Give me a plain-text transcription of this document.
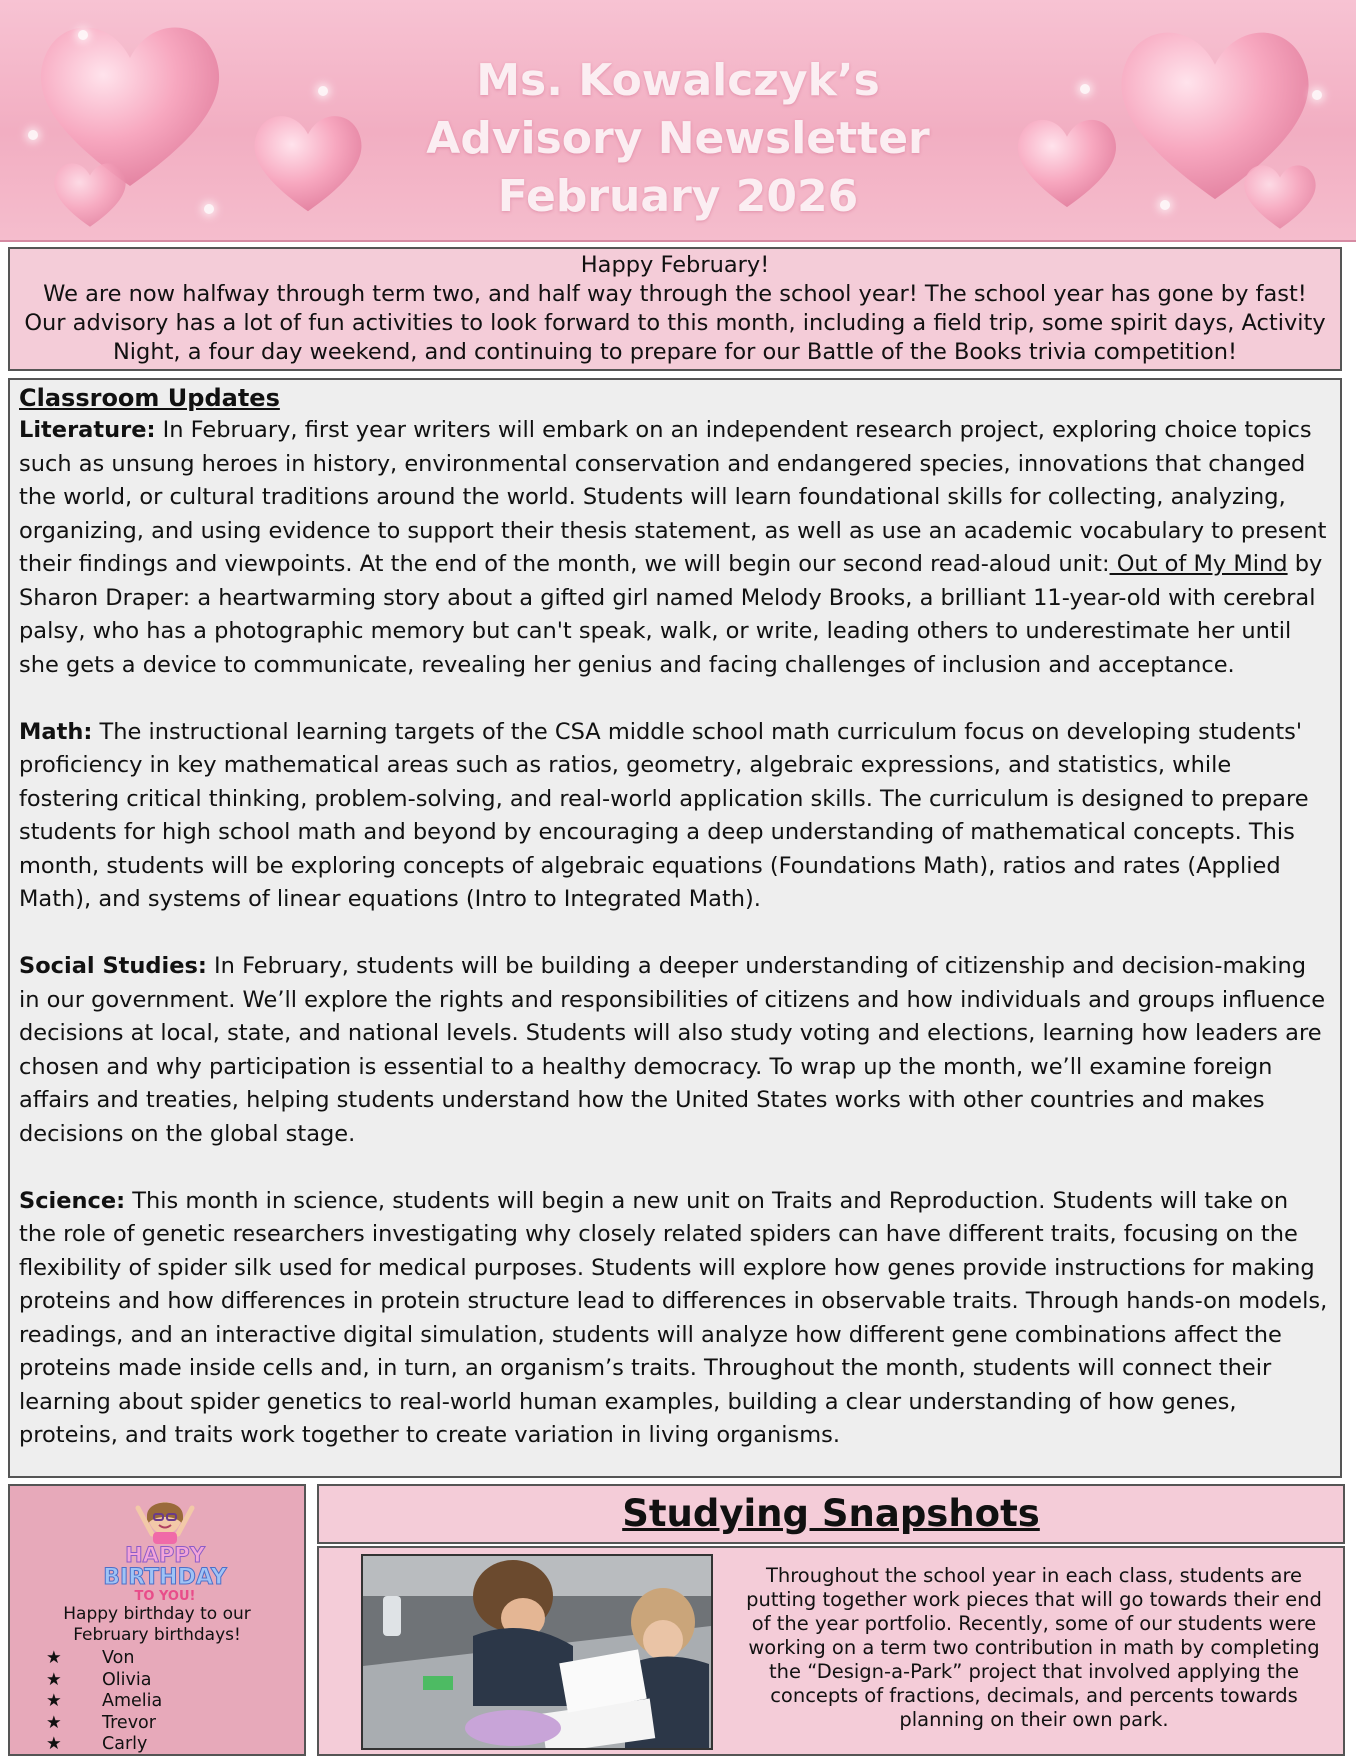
Ms. Kowalczyk’s
Advisory Newsletter
February 2026
Happy February!
We are now halfway through term two, and half way through the school year! The school year has gone by fast!
Our advisory has a lot of fun activities to look forward to this month, including a field trip, some spirit days, Activity
Night, a four day weekend, and continuing to prepare for our Battle of the Books trivia competition!
Classroom Updates

Literature: In February, first year writers will embark on an independent research project, exploring choice topics such as unsung heroes in history, environmental conservation and endangered species, innovations that changed the world, or cultural traditions around the world. Students will learn foundational skills for collecting, analyzing, organizing, and using evidence to support their thesis statement, as well as use an academic vocabulary to present their findings and viewpoints. At the end of the month, we will begin our second read-aloud unit: Out of My Mind by Sharon Draper: a heartwarming story about a gifted girl named Melody Brooks, a brilliant 11-year-old with cerebral palsy, who has a photographic memory but can't speak, walk, or write, leading others to underestimate her until she gets a device to communicate, revealing her genius and facing challenges of inclusion and acceptance.

Math: The instructional learning targets of the CSA middle school math curriculum focus on developing students' proficiency in key mathematical areas such as ratios, geometry, algebraic expressions, and statistics, while fostering critical thinking, problem-solving, and real-world application skills. The curriculum is designed to prepare students for high school math and beyond by encouraging a deep understanding of mathematical concepts. This month, students will be exploring concepts of algebraic equations (Foundations Math), ratios and rates (Applied Math), and systems of linear equations (Intro to Integrated Math).

Social Studies: In February, students will be building a deeper understanding of citizenship and decision-making in our government. We’ll explore the rights and responsibilities of citizens and how individuals and groups influence decisions at local, state, and national levels. Students will also study voting and elections, learning how leaders are chosen and why participation is essential to a healthy democracy. To wrap up the month, we’ll examine foreign affairs and treaties, helping students understand how the United States works with other countries and makes decisions on the global stage.

Science: This month in science, students will begin a new unit on Traits and Reproduction. Students will take on the role of genetic researchers investigating why closely related spiders can have different traits, focusing on the flexibility of spider silk used for medical purposes. Students will explore how genes provide instructions for making proteins and how differences in protein structure lead to differences in observable traits. Through hands-on models, readings, and an interactive digital simulation, students will analyze how different gene combinations affect the proteins made inside cells and, in turn, an organism’s traits. Throughout the month, students will connect their learning about spider genetics to real-world human examples, building a clear understanding of how genes, proteins, and traits work together to create variation in living organisms.

HAPPY
BIRTHDAY
TO YOU!
Happy birthday to our February birthdays!
★	Von
★	Olivia
★	Amelia
★	Trevor
★	Carly
Studying Snapshots
Throughout the school year in each class, students are putting together work pieces that will go towards their end of the year portfolio. Recently, some of our students were working on a term two contribution in math by completing the “Design-a-Park” project that involved applying the concepts of fractions, decimals, and percents towards planning on their own park.
